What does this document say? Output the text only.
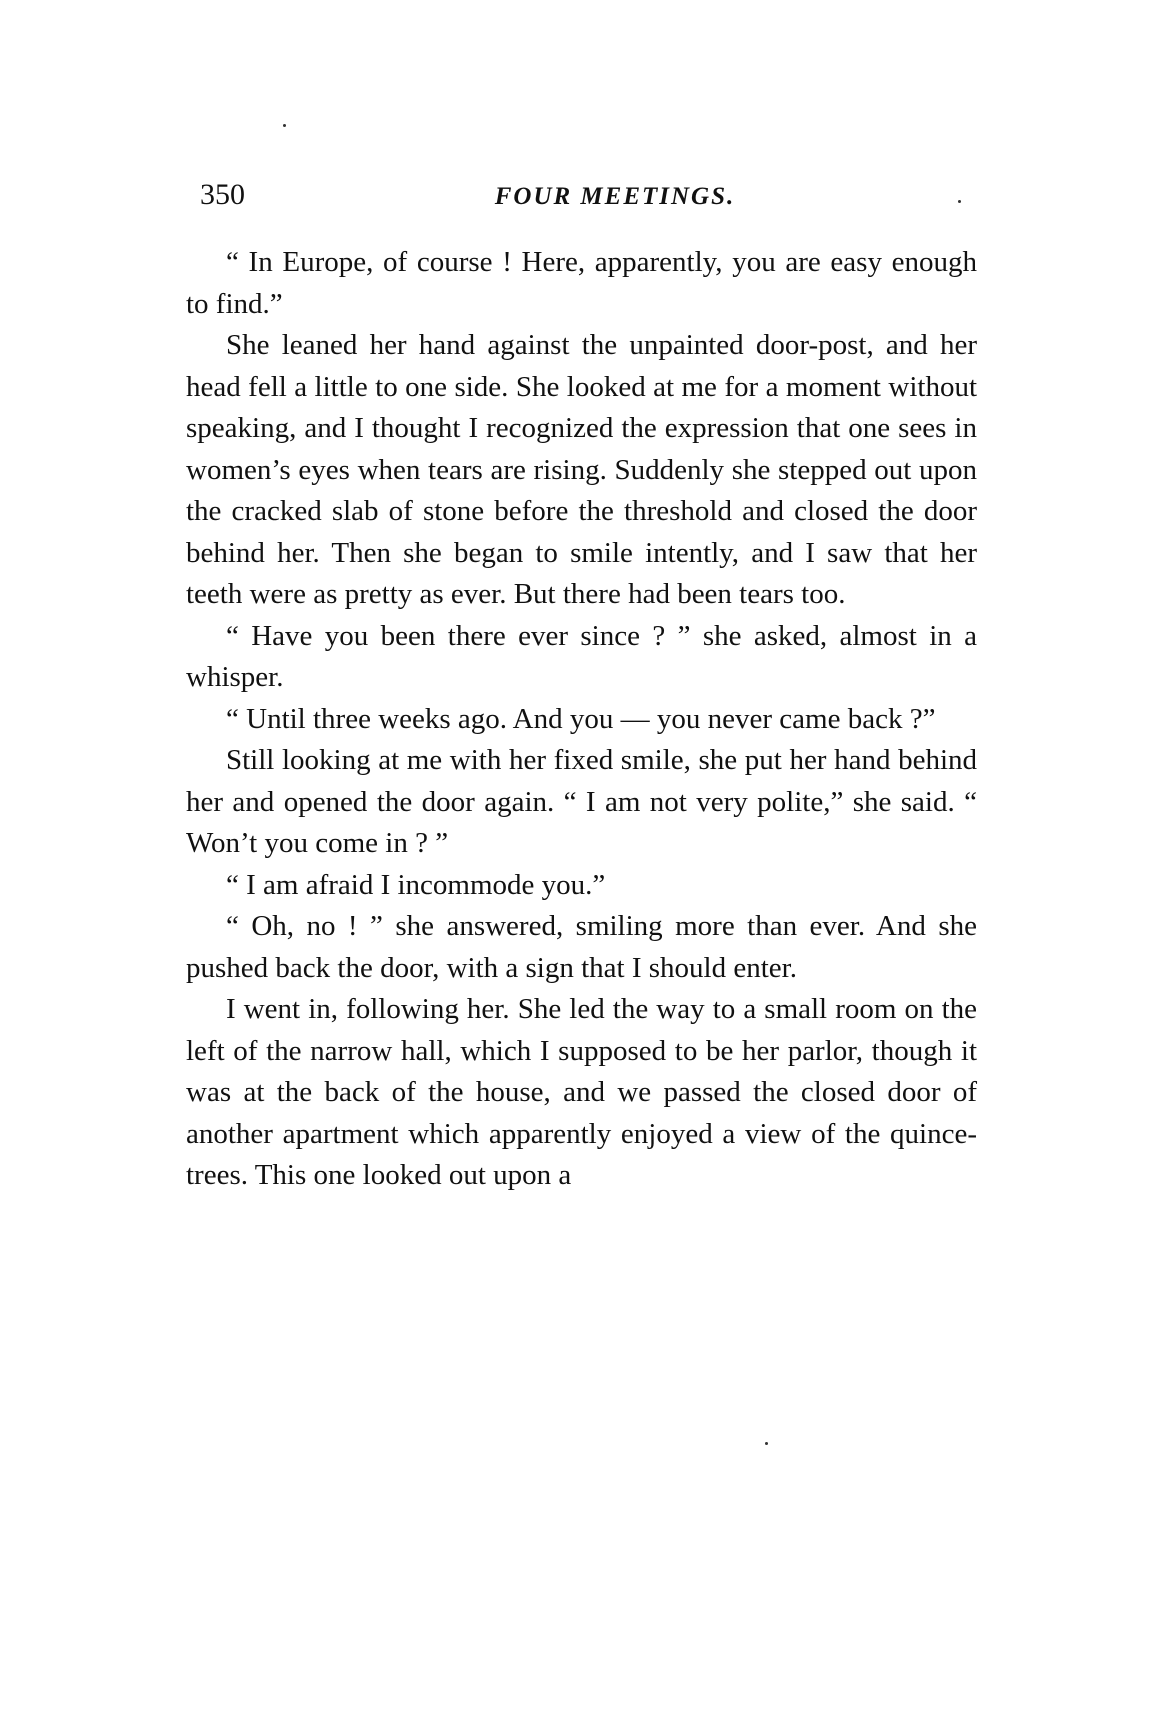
350	FOUR MEETINGS.

“ In Europe, of course ! Here, apparently, you are easy enough to find.”

She leaned her hand against the unpainted door-post, and her head fell a little to one side. She looked at me for a moment without speaking, and I thought I recognized the expression that one sees in women’s eyes when tears are rising. Suddenly she stepped out upon the cracked slab of stone before the threshold and closed the door behind her. Then she began to smile intently, and I saw that her teeth were as pretty as ever. But there had been tears too.

“ Have you been there ever since ? ” she asked, almost in a whisper.

“ Until three weeks ago. And you — you never came back ?”

Still looking at me with her fixed smile, she put her hand behind her and opened the door again. “ I am not very polite,” she said. “ Won’t you come in ? ”

“ I am afraid I incommode you.”

“ Oh, no ! ” she answered, smiling more than ever. And she pushed back the door, with a sign that I should enter.

I went in, following her. She led the way to a small room on the left of the narrow hall, which I supposed to be her parlor, though it was at the back of the house, and we passed the closed door of another apartment which apparently enjoyed a view of the quince-trees. This one looked out upon a
